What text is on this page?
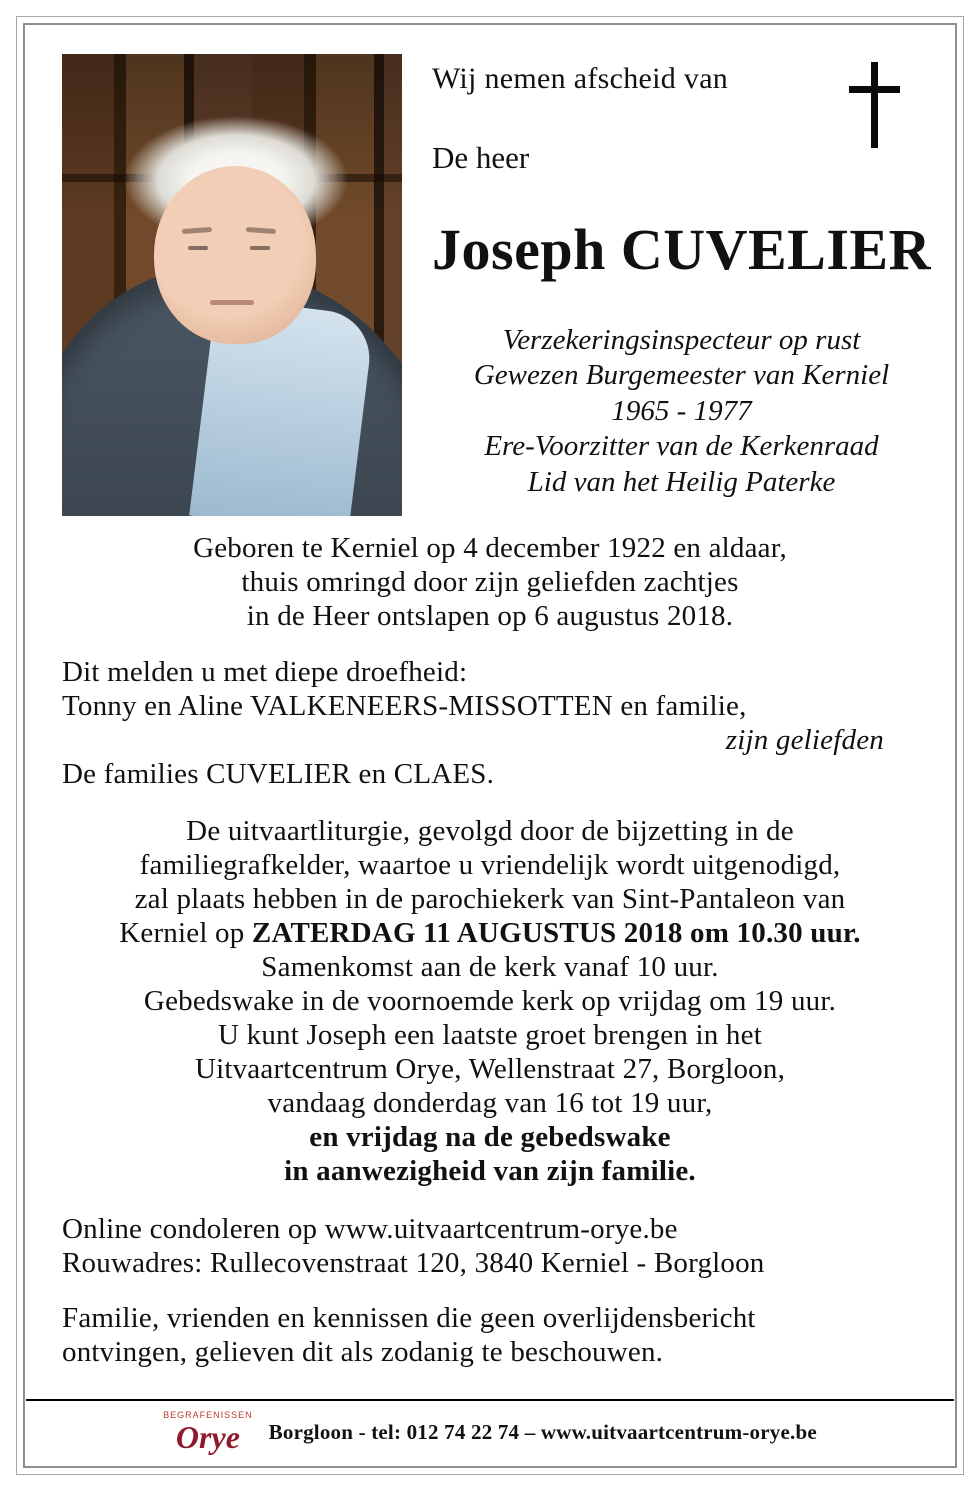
Wij nemen afscheid van
De heer
Joseph CUVELIER
Verzekeringsinspecteur op rust
Gewezen Burgemeester van Kerniel
1965 - 1977
Ere-Voorzitter van de Kerkenraad
Lid van het Heilig Paterke
Geboren te Kerniel op 4 december 1922 en aldaar,
thuis omringd door zijn geliefden zachtjes
in de Heer ontslapen op 6 augustus 2018.
Dit melden u met diepe droefheid:
Tonny en Aline VALKENEERS-MISSOTTEN en familie,
zijn geliefden
De families CUVELIER en CLAES.
De uitvaartliturgie, gevolgd door de bijzetting in de
familiegrafkelder, waartoe u vriendelijk wordt uitgenodigd,
zal plaats hebben in de parochiekerk van Sint-Pantaleon van
Kerniel op ZATERDAG 11 AUGUSTUS 2018 om 10.30 uur.
Samenkomst aan de kerk vanaf 10 uur.
Gebedswake in de voornoemde kerk op vrijdag om 19 uur.
U kunt Joseph een laatste groet brengen in het
Uitvaartcentrum Orye, Wellenstraat 27, Borgloon,
vandaag donderdag van 16 tot 19 uur,
en vrijdag na de gebedswake
in aanwezigheid van zijn familie.
Online condoleren op www.uitvaartcentrum-orye.be
Rouwadres: Rullecovenstraat 120, 3840 Kerniel - Borgloon
Familie, vrienden en kennissen die geen overlijdensbericht
ontvingen, gelieven dit als zodanig te beschouwen.
BEGRAFENISSEN
Orye	Borgloon - tel: 012 74 22 74 – www.uitvaartcentrum-orye.be
